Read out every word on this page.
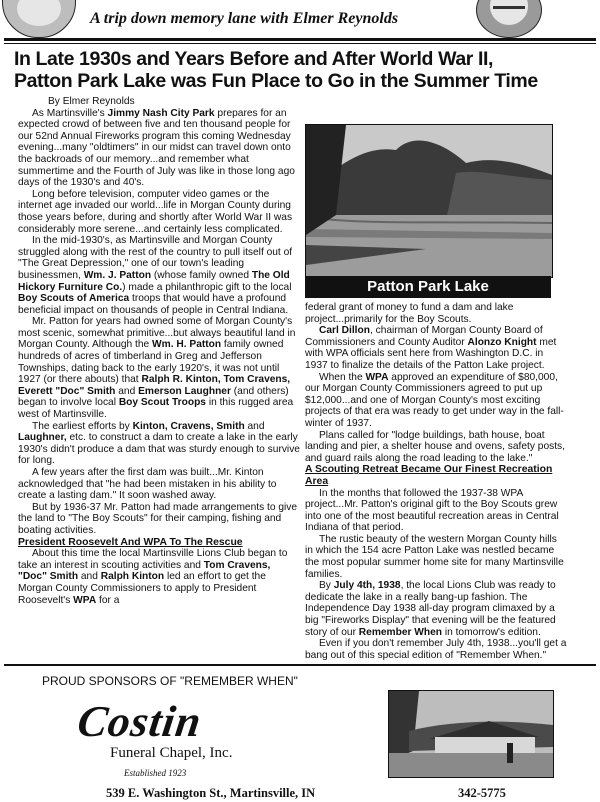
A trip down memory lane with Elmer Reynolds
In Late 1930s and Years Before and After World War II,
Patton Park Lake was Fun Place to Go in the Summer Time

By Elmer Reynolds

As Martinsville's Jimmy Nash City Park prepares for an expected crowd of between five and ten thousand people for our 52nd Annual Fireworks program this coming Wednesday evening...many "oldtimers" in our midst can travel down onto the backroads of our memory...and remember what summertime and the Fourth of July was like in those long ago days of the 1930's and 40's.

Long before television, computer video games or the internet age invaded our world...life in Morgan County during those years before, during and shortly after World War II was considerably more serene...and certainly less complicated.

In the mid-1930's, as Martinsville and Morgan County struggled along with the rest of the country to pull itself out of "The Great Depression," one of our town's leading businessmen, Wm. J. Patton (whose family owned The Old Hickory Furniture Co.) made a philanthropic gift to the local Boy Scouts of America troops that would have a profound beneficial impact on thousands of people in Central Indiana.

Mr. Patton for years had owned some of Morgan County's most scenic, somewhat primitive...but always beautiful land in Morgan County. Although the Wm. H. Patton family owned hundreds of acres of timberland in Greg and Jefferson Townships, dating back to the early 1920's, it was not until 1927 (or there abouts) that Ralph R. Kinton, Tom Cravens, Everett "Doc" Smith and Emerson Laughner (and others) began to involve local Boy Scout Troops in this rugged area west of Martinsville.

The earliest efforts by Kinton, Cravens, Smith and Laughner, etc. to construct a dam to create a lake in the early 1930's didn't produce a dam that was sturdy enough to survive for long.

A few years after the first dam was built...Mr. Kinton acknowledged that "he had been mistaken in his ability to create a lasting dam." It soon washed away.

But by 1936-37 Mr. Patton had made arrangements to give the land to "The Boy Scouts" for their camping, fishing and boating activities.

President Roosevelt And WPA To The Rescue

About this time the local Martinsville Lions Club began to take an interest in scouting activities and Tom Cravens, "Doc" Smith and Ralph Kinton led an effort to get the Morgan County Commissioners to apply to President Roosevelt's WPA for a

Patton Park Lake

federal grant of money to fund a dam and lake project...primarily for the Boy Scouts.

Carl Dillon, chairman of Morgan County Board of Commissioners and County Auditor Alonzo Knight met with WPA officials sent here from Washington D.C. in 1937 to finalize the details of the Patton Lake project.

When the WPA approved an expenditure of $80,000, our Morgan County Commissioners agreed to put up $12,000...and one of Morgan County's most exciting projects of that era was ready to get under way in the fall-winter of 1937.

Plans called for "lodge buildings, bath house, boat landing and pier, a shelter house and ovens, safety posts, and guard rails along the road leading to the lake."

A Scouting Retreat Became Our Finest Recreation Area

In the months that followed the 1937-38 WPA project...Mr. Patton's original gift to the Boy Scouts grew into one of the most beautiful recreation areas in Central Indiana of that period.

The rustic beauty of the western Morgan County hills in which the 154 acre Patton Lake was nestled became the most popular summer home site for many Martinsville families.

By July 4th, 1938, the local Lions Club was ready to dedicate the lake in a really bang-up fashion. The Independence Day 1938 all-day program climaxed by a big "Fireworks Display" that evening will be the featured story of our Remember When in tomorrow's edition.

Even if you don't remember July 4th, 1938...you'll get a bang out of this special edition of "Remember When."

PROUD SPONSORS OF "REMEMBER WHEN"
Costin
Funeral Chapel, Inc.
Established 1923
539 E. Washington St., Martinsville, IN	342-5775
